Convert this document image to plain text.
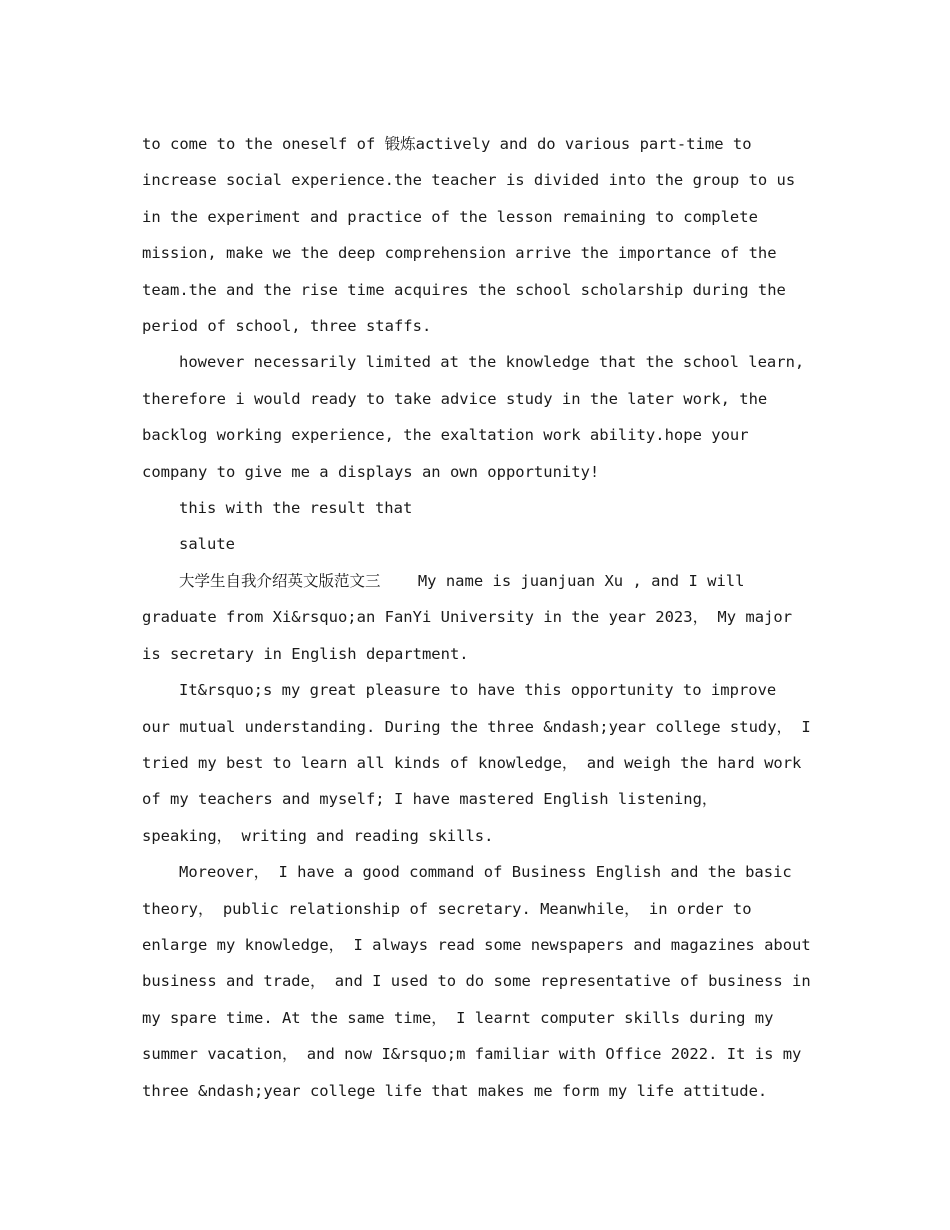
to come to the oneself of 锻炼actively and do various part-time to
increase social experience.the teacher is divided into the group to us
in the experiment and practice of the lesson remaining to complete
mission, make we the deep comprehension arrive the importance of the
team.the and the rise time acquires the school scholarship during the
period of school, three staffs.
however necessarily limited at the knowledge that the school learn,
therefore i would ready to take advice study in the later work, the
backlog working experience, the exaltation work ability.hope your
company to give me a displays an own opportunity!
this with the result that
salute
大学生自我介绍英文版范文三    My name is juanjuan Xu , and I will
graduate from Xi&rsquo;an FanYi University in the year 2023， My major
is secretary in English department.
It&rsquo;s my great pleasure to have this opportunity to improve
our mutual understanding. During the three &ndash;year college study， I
tried my best to learn all kinds of knowledge， and weigh the hard work
of my teachers and myself; I have mastered English listening，
speaking， writing and reading skills.
Moreover， I have a good command of Business English and the basic
theory， public relationship of secretary. Meanwhile， in order to
enlarge my knowledge， I always read some newspapers and magazines about
business and trade， and I used to do some representative of business in
my spare time. At the same time， I learnt computer skills during my
summer vacation， and now I&rsquo;m familiar with Office 2022. It is my
three &ndash;year college life that makes me form my life attitude.
